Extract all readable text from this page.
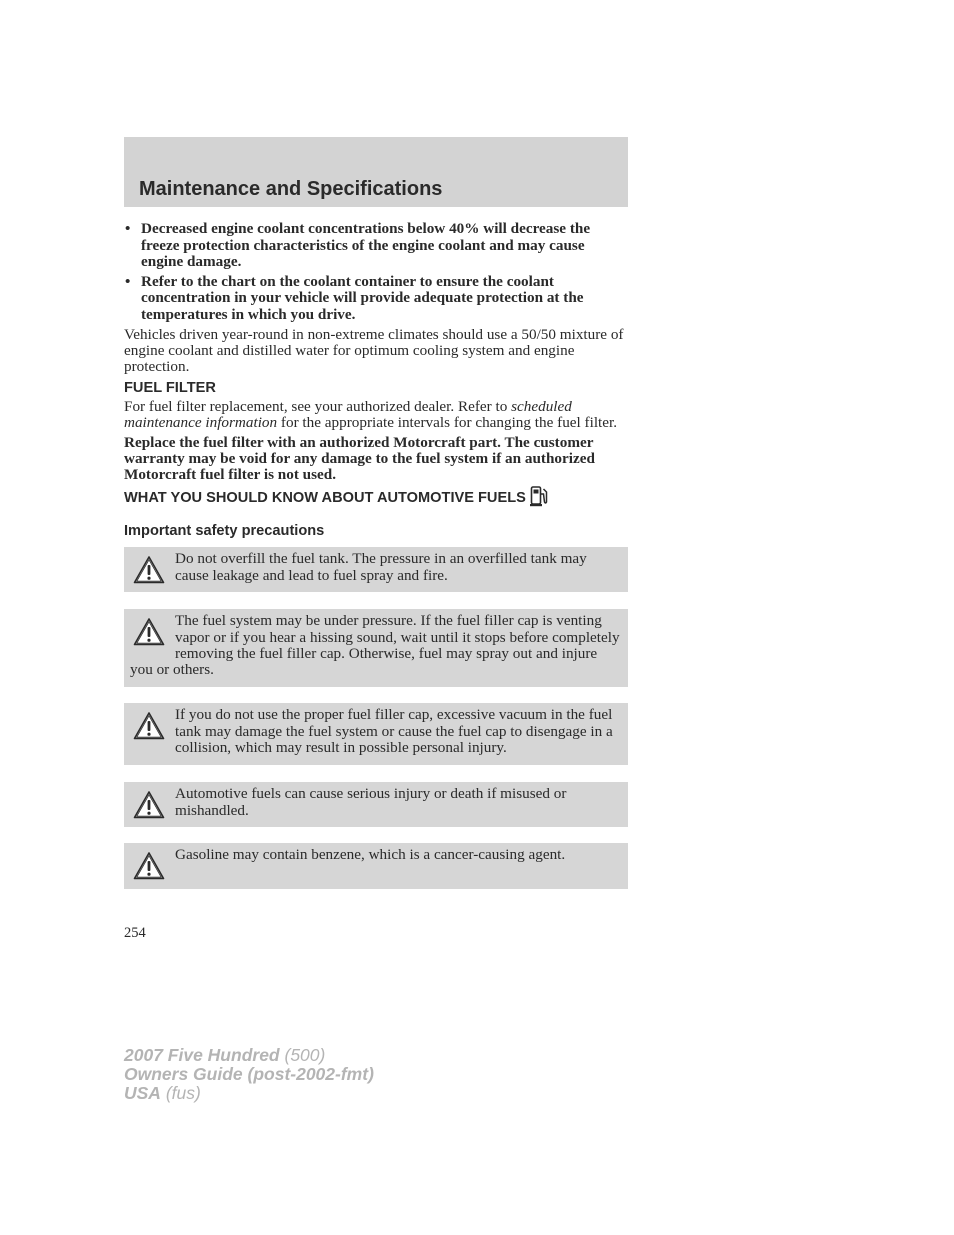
Maintenance and Specifications
• Decreased engine coolant concentrations below 40% will decrease the freeze protection characteristics of the engine coolant and may cause engine damage.
• Refer to the chart on the coolant container to ensure the coolant concentration in your vehicle will provide adequate protection at the temperatures in which you drive.

Vehicles driven year-round in non-extreme climates should use a 50/50 mixture of engine coolant and distilled water for optimum cooling system and engine protection.

FUEL FILTER

For fuel filter replacement, see your authorized dealer. Refer to scheduled maintenance information for the appropriate intervals for changing the fuel filter.

Replace the fuel filter with an authorized Motorcraft part. The customer warranty may be void for any damage to the fuel system if an authorized Motorcraft fuel filter is not used.

WHAT YOU SHOULD KNOW ABOUT AUTOMOTIVE FUELS
Important safety precautions

Do not overfill the fuel tank. The pressure in an overfilled tank may cause leakage and lead to fuel spray and fire.

The fuel system may be under pressure. If the fuel filler cap is venting vapor or if you hear a hissing sound, wait until it stops before completely removing the fuel filler cap. Otherwise, fuel may spray out and injure you or others.

If you do not use the proper fuel filler cap, excessive vacuum in the fuel tank may damage the fuel system or cause the fuel cap to disengage in a collision, which may result in possible personal injury.

Automotive fuels can cause serious injury or death if misused or mishandled.

Gasoline may contain benzene, which is a cancer-causing agent.

254
2007 Five Hundred (500)
Owners Guide (post-2002-fmt)
USA (fus)
